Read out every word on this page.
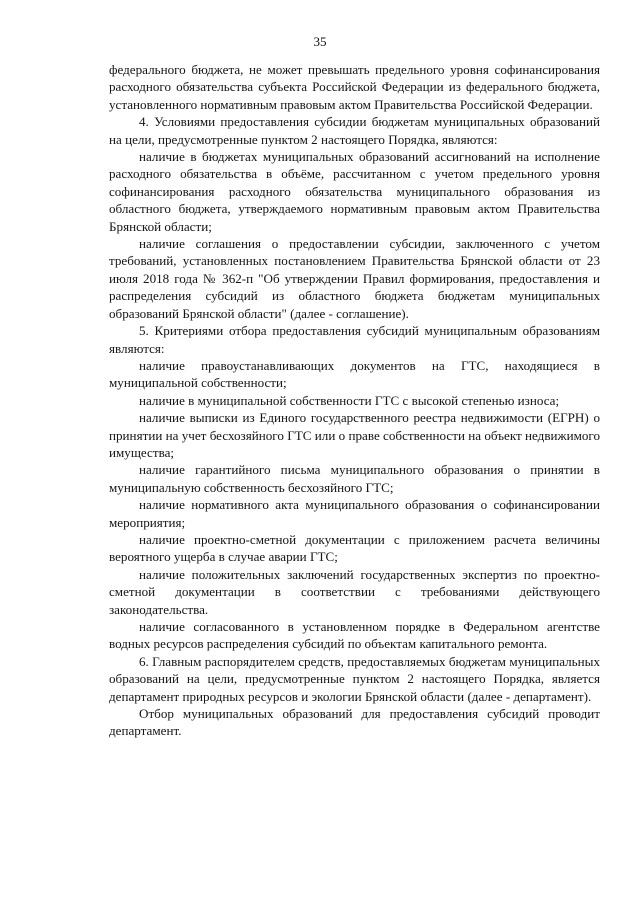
35

федерального бюджета, не может превышать предельного уровня софинансирования расходного обязательства субъекта Российской Федерации из федерального бюджета, установленного нормативным правовым актом Правительства Российской Федерации.

4. Условиями предоставления субсидии бюджетам муниципальных образований на цели, предусмотренные пунктом 2 настоящего Порядка, являются:

наличие в бюджетах муниципальных образований ассигнований на исполнение расходного обязательства в объёме, рассчитанном с учетом предельного уровня софинансирования расходного обязательства муниципального образования из областного бюджета, утверждаемого нормативным правовым актом Правительства Брянской области;

наличие соглашения о предоставлении субсидии, заключенного с учетом требований, установленных постановлением Правительства Брянской области от 23 июля 2018 года № 362-п "Об утверждении Правил формирования, предоставления и распределения субсидий из областного бюджета бюджетам муниципальных образований Брянской области" (далее - соглашение).

5. Критериями отбора предоставления субсидий муниципальным образованиям являются:

наличие правоустанавливающих документов на ГТС, находящиеся в муниципальной собственности;

наличие в муниципальной собственности ГТС с высокой степенью износа;

наличие выписки из Единого государственного реестра недвижимости (ЕГРН) о принятии на учет бесхозяйного ГТС или о праве собственности на объект недвижимого имущества;

наличие гарантийного письма муниципального образования о принятии в муниципальную собственность бесхозяйного ГТС;

наличие нормативного акта муниципального образования о софинансировании мероприятия;

наличие проектно-сметной документации с приложением расчета величины вероятного ущерба в случае аварии ГТС;

наличие положительных заключений государственных экспертиз по проектно-сметной документации в соответствии с требованиями действующего законодательства.

наличие согласованного в установленном порядке в Федеральном агентстве водных ресурсов распределения субсидий по объектам капитального ремонта.

6. Главным распорядителем средств, предоставляемых бюджетам муниципальных образований на цели, предусмотренные пунктом 2 настоящего Порядка, является департамент природных ресурсов и экологии Брянской области (далее - департамент).

Отбор муниципальных образований для предоставления субсидий проводит департамент.
